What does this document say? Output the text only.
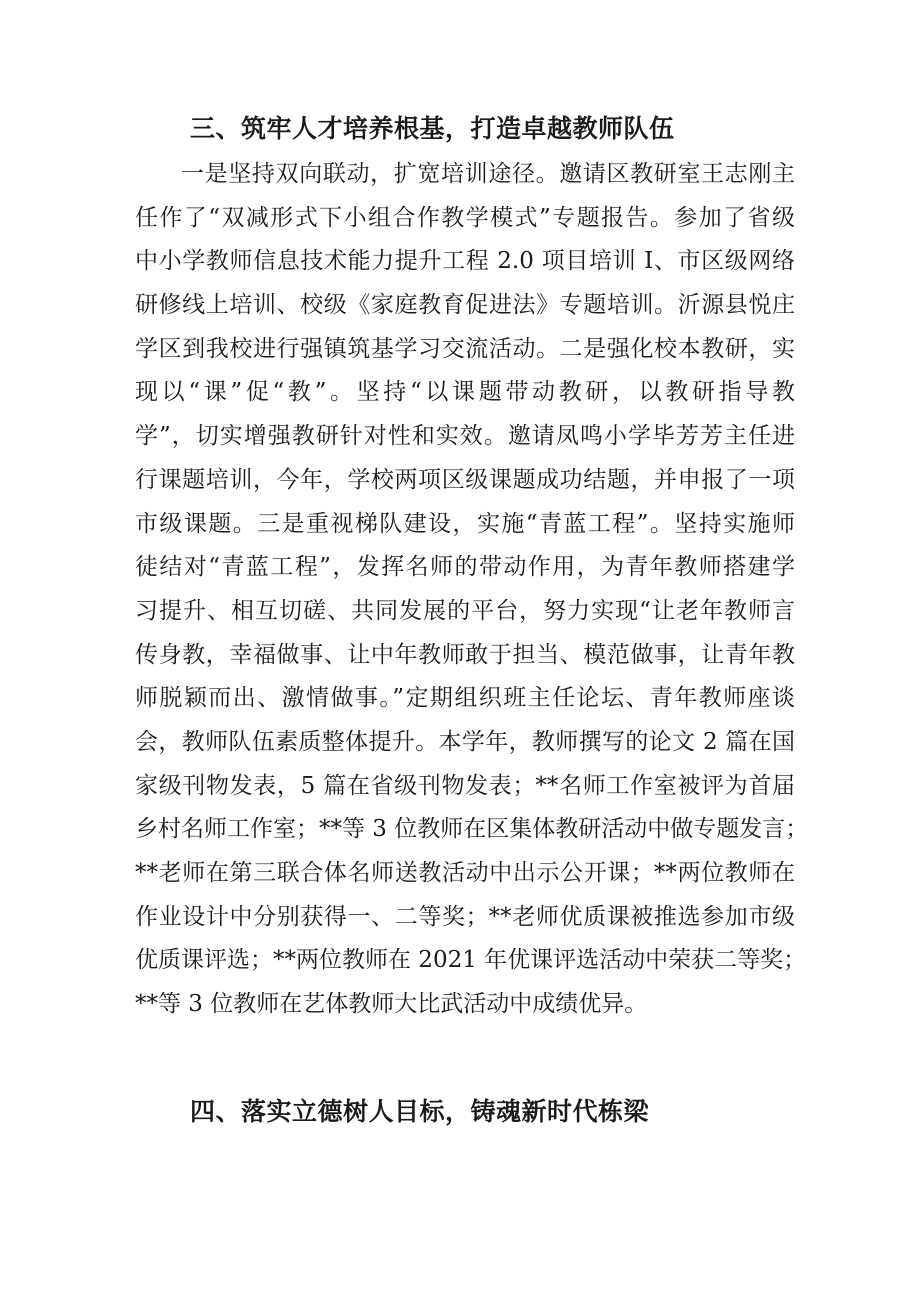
三、筑牢人才培养根基，打造卓越教师队伍
一是坚持双向联动，扩宽培训途径。邀请区教研室王志刚主
任作了“双减形式下小组合作教学模式”专题报告。参加了省级
中小学教师信息技术能力提升工程 2.0 项目培训 I、市区级网络
研修线上培训、校级《家庭教育促进法》专题培训。沂源县悦庄
学区到我校进行强镇筑基学习交流活动。二是强化校本教研，实
现以“课”促“教”。坚持“以课题带动教研，以教研指导教
学”，切实增强教研针对性和实效。邀请凤鸣小学毕芳芳主任进
行课题培训，今年，学校两项区级课题成功结题，并申报了一项
市级课题。三是重视梯队建设，实施“青蓝工程”。坚持实施师
徒结对“青蓝工程”，发挥名师的带动作用，为青年教师搭建学
习提升、相互切磋、共同发展的平台，努力实现“让老年教师言
传身教，幸福做事、让中年教师敢于担当、模范做事，让青年教
师脱颖而出、激情做事。”定期组织班主任论坛、青年教师座谈
会，教师队伍素质整体提升。本学年，教师撰写的论文 2 篇在国
家级刊物发表，5 篇在省级刊物发表；**名师工作室被评为首届
乡村名师工作室；**等 3 位教师在区集体教研活动中做专题发言；
**老师在第三联合体名师送教活动中出示公开课；**两位教师在
作业设计中分别获得一、二等奖；**老师优质课被推选参加市级
优质课评选；**两位教师在 2021 年优课评选活动中荣获二等奖；
**等 3 位教师在艺体教师大比武活动中成绩优异。
四、落实立德树人目标，铸魂新时代栋梁
